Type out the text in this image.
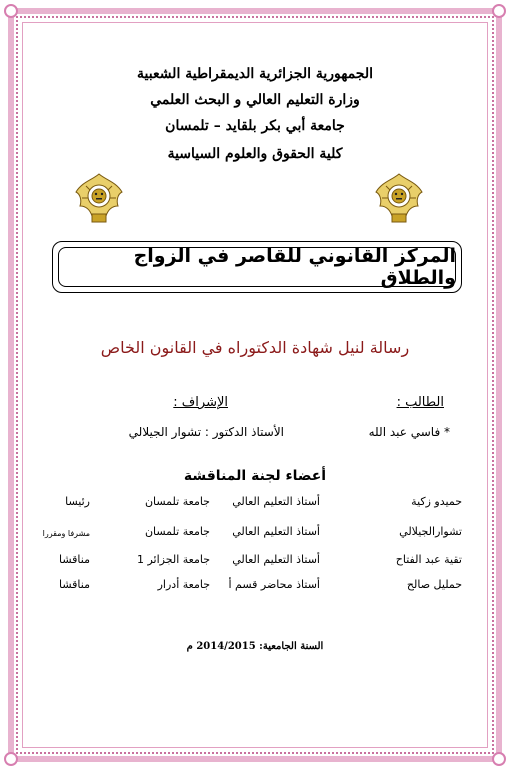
الجمهورية الجزائرية الديمقراطية الشعبية
وزارة التعليم العالي و البحث العلمي
جامعة أبي بكر بلقايد – تلمسان
كلية الحقوق والعلوم السياسية
المركز القانوني للقاصر في الزواج والطلاق
رسالة لنيل شهادة الدكتوراه في القانون الخاص
الطالب :
الإشراف :
* فاسي عبد الله
الأستاذ الدكتور : تشوار الجيلالي
أعضاء لجنة المناقشة
حميدو زكية
أستاذ التعليم العالي
جامعة تلمسان
رئيسا
تشوارالجيلالي
أستاذ التعليم العالي
جامعة تلمسان
مشرفا ومقررا
تقية عبد الفتاح
أستاذ التعليم العالي
جامعة الجزائر 1
مناقشا
حمليل صالح
أستاذ محاضر قسم أ
جامعة أدرار
مناقشا
السنة الجامعية: 2014/2015 م
